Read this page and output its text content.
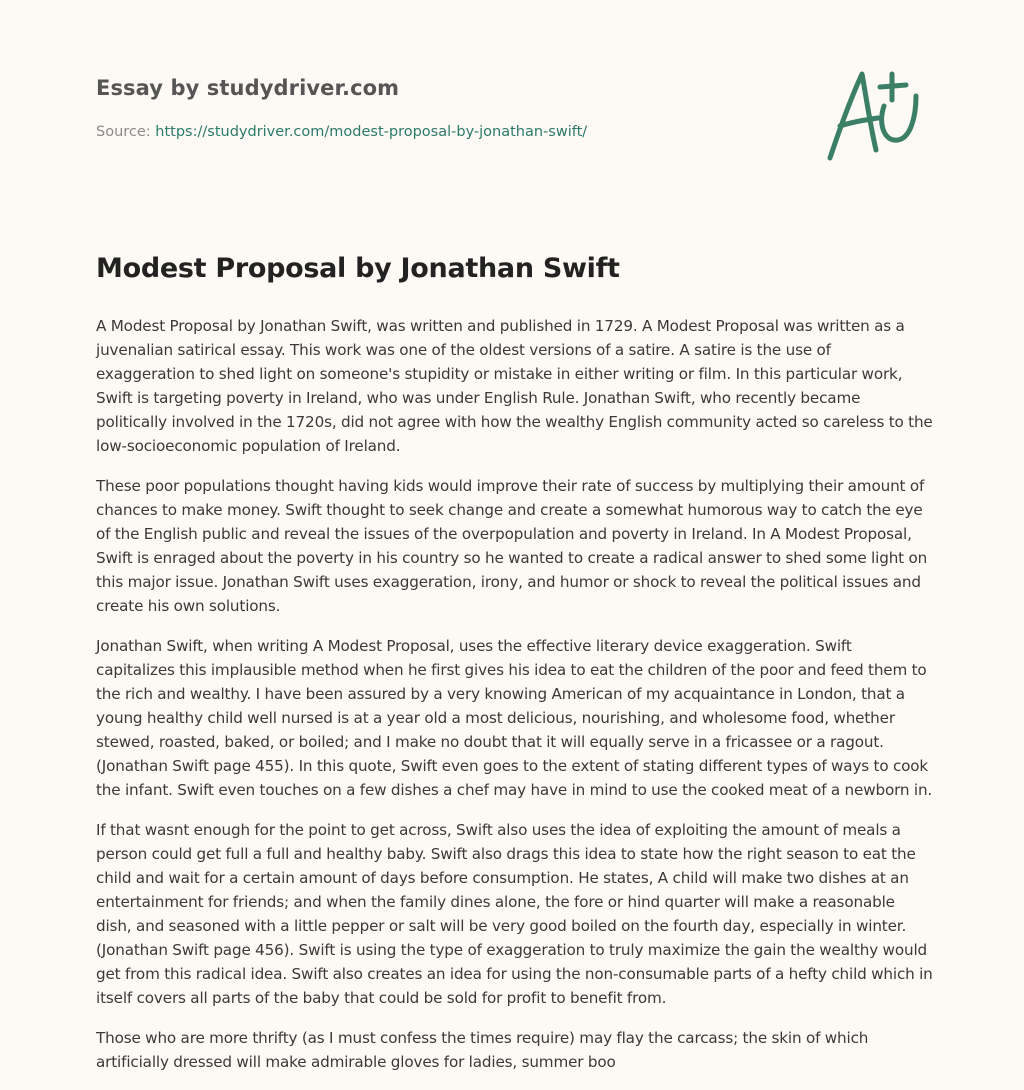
Essay by studydriver.com

Source: https://studydriver.com/modest-proposal-by-jonathan-swift/

Modest Proposal by Jonathan Swift

A Modest Proposal by Jonathan Swift, was written and published in 1729. A Modest Proposal was written as a juvenalian satirical essay. This work was one of the oldest versions of a satire. A satire is the use of exaggeration to shed light on someone's stupidity or mistake in either writing or film. In this particular work, Swift is targeting poverty in Ireland, who was under English Rule. Jonathan Swift, who recently became politically involved in the 1720s, did not agree with how the wealthy English community acted so careless to the low-socioeconomic population of Ireland.

These poor populations thought having kids would improve their rate of success by multiplying their amount of chances to make money. Swift thought to seek change and create a somewhat humorous way to catch the eye of the English public and reveal the issues of the overpopulation and poverty in Ireland. In A Modest Proposal, Swift is enraged about the poverty in his country so he wanted to create a radical answer to shed some light on this major issue. Jonathan Swift uses exaggeration, irony, and humor or shock to reveal the political issues and create his own solutions.

Jonathan Swift, when writing A Modest Proposal, uses the effective literary device exaggeration. Swift capitalizes this implausible method when he first gives his idea to eat the children of the poor and feed them to the rich and wealthy. I have been assured by a very knowing American of my acquaintance in London, that a young healthy child well nursed is at a year old a most delicious, nourishing, and wholesome food, whether stewed, roasted, baked, or boiled; and I make no doubt that it will equally serve in a fricassee or a ragout. (Jonathan Swift page 455). In this quote, Swift even goes to the extent of stating different types of ways to cook the infant. Swift even touches on a few dishes a chef may have in mind to use the cooked meat of a newborn in.

If that wasnt enough for the point to get across, Swift also uses the idea of exploiting the amount of meals a person could get full a full and healthy baby. Swift also drags this idea to state how the right season to eat the child and wait for a certain amount of days before consumption. He states, A child will make two dishes at an entertainment for friends; and when the family dines alone, the fore or hind quarter will make a reasonable dish, and seasoned with a little pepper or salt will be very good boiled on the fourth day, especially in winter. (Jonathan Swift page 456). Swift is using the type of exaggeration to truly maximize the gain the wealthy would get from this radical idea. Swift also creates an idea for using the non-consumable parts of a hefty child which in itself covers all parts of the baby that could be sold for profit to benefit from.

Those who are more thrifty (as I must confess the times require) may flay the carcass; the skin of which artificially dressed will make admirable gloves for ladies, summer boo
